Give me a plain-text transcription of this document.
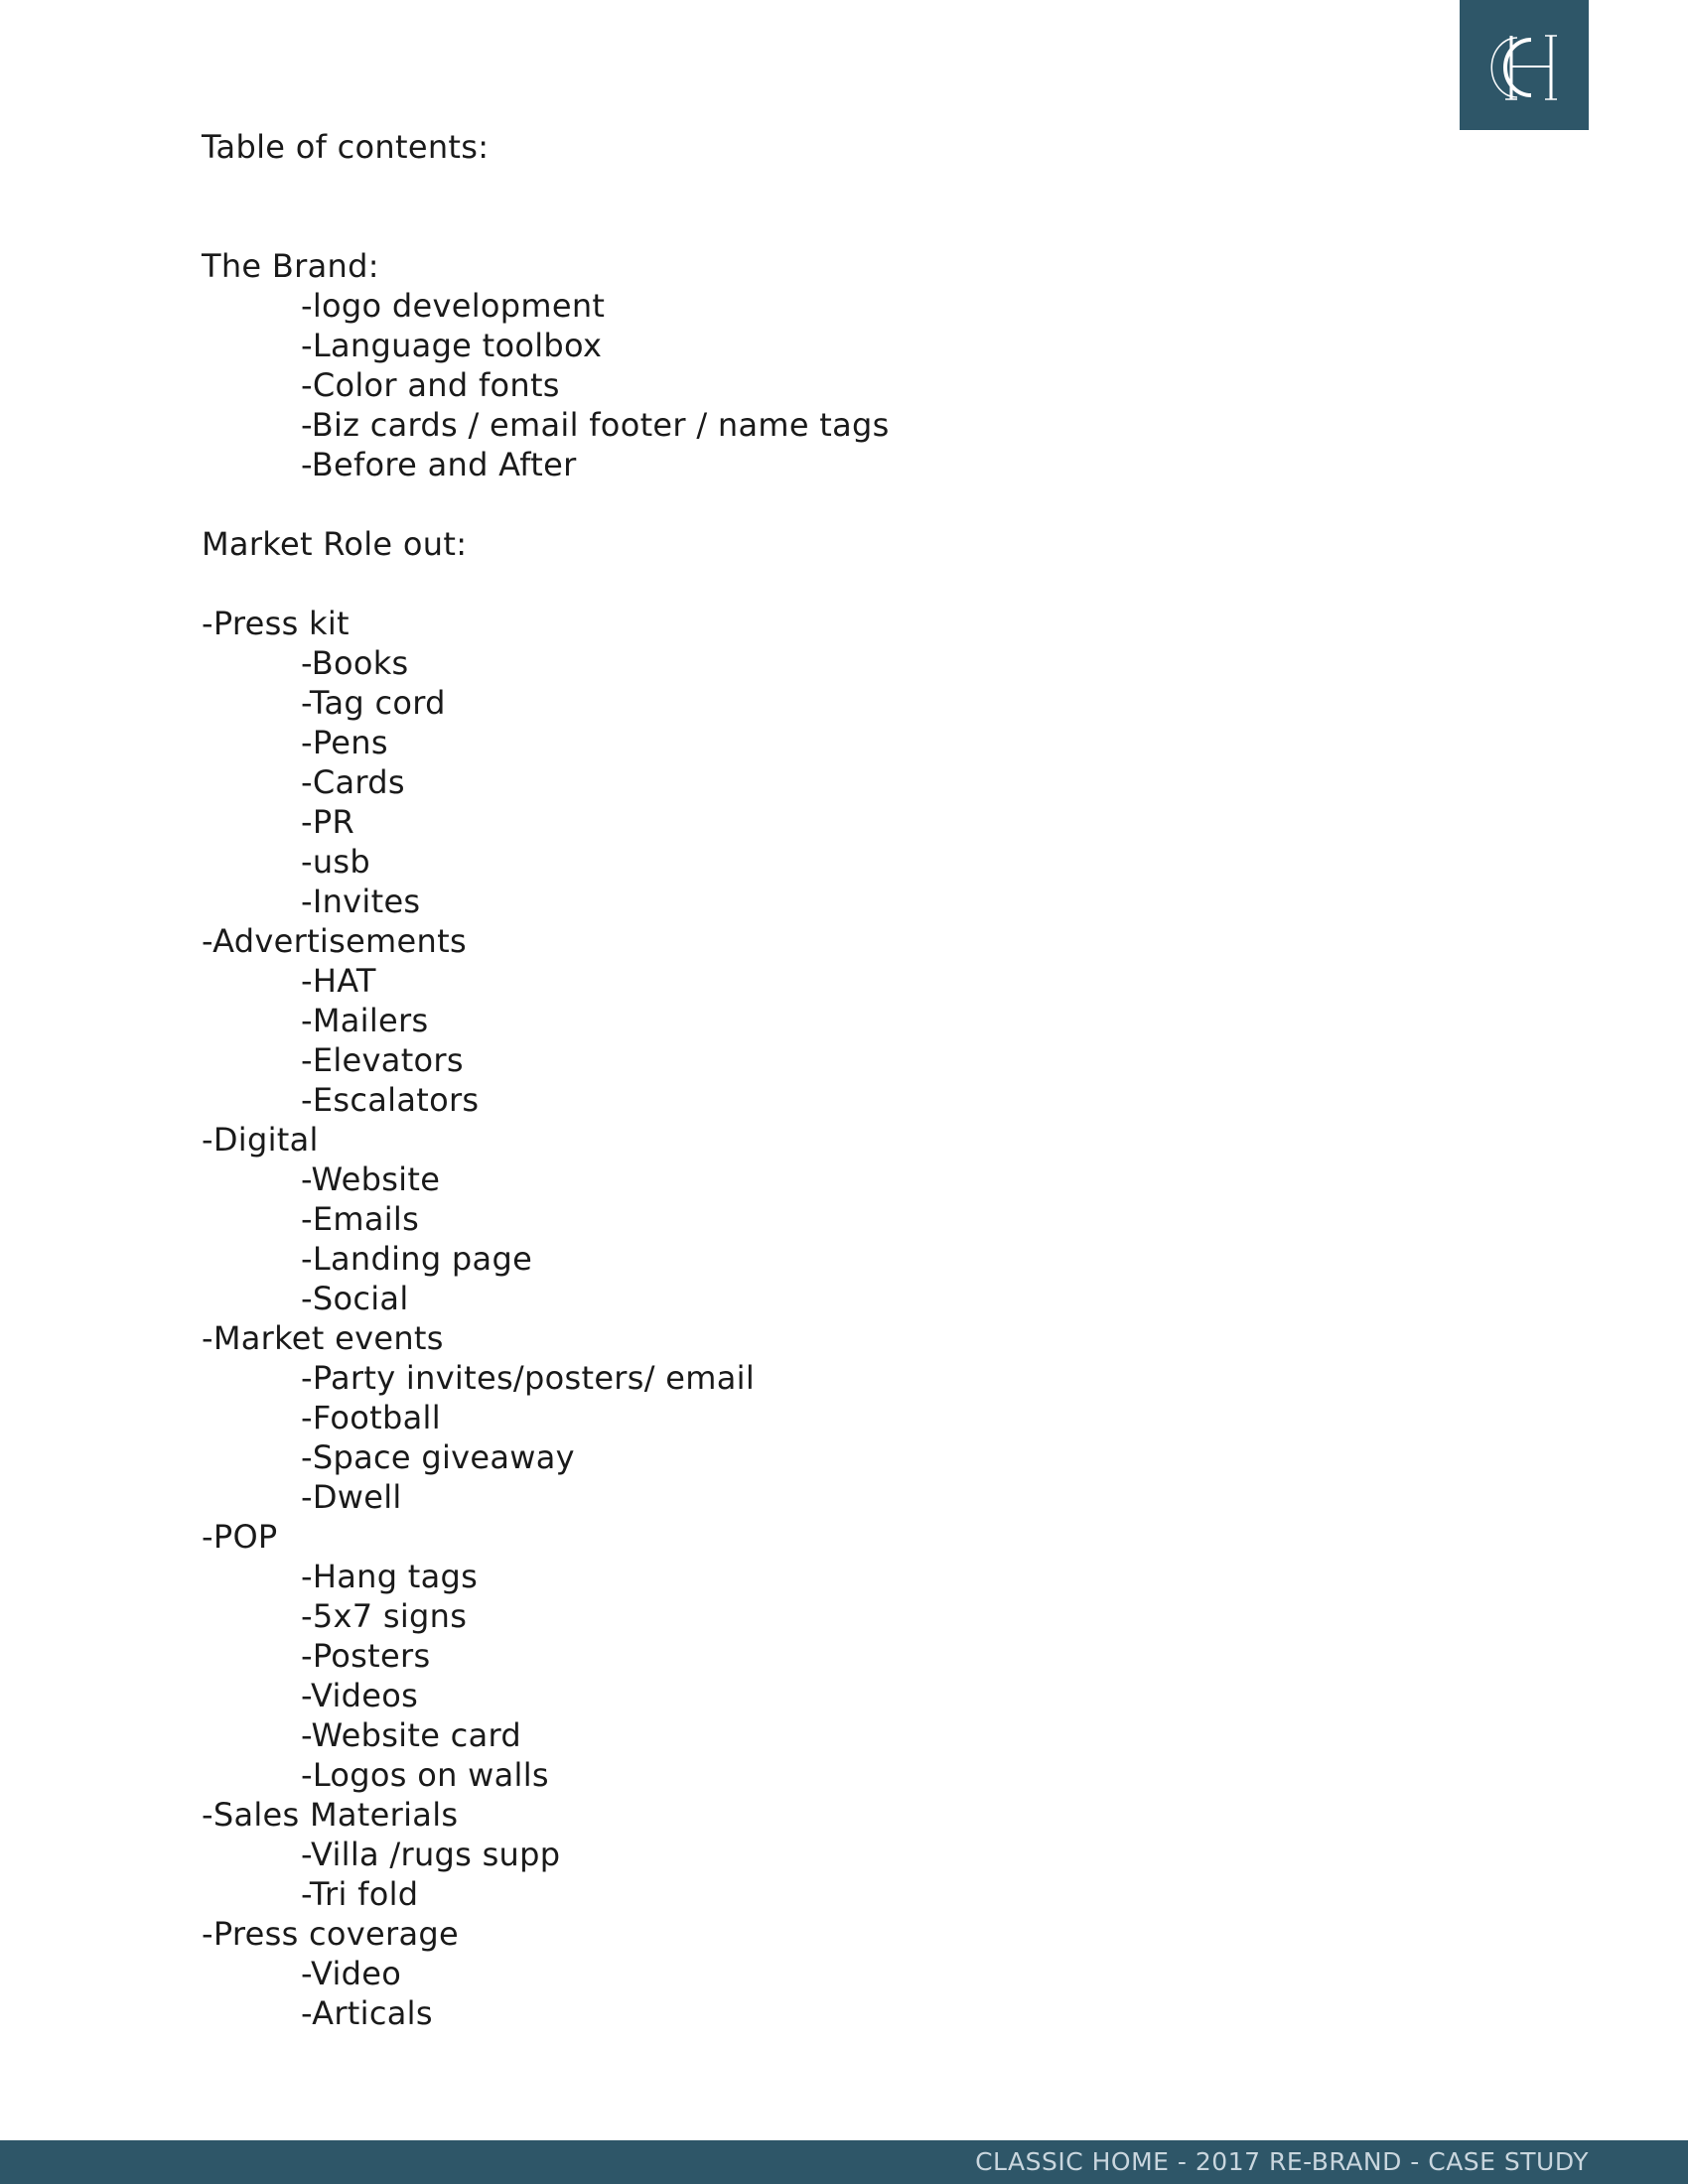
Table of contents:
The Brand:
-logo development
-Language toolbox
-Color and fonts
-Biz cards / email footer / name tags
-Before and After
Market Role out:
-Press kit
-Books
-Tag cord
-Pens
-Cards
-PR
-usb
-Invites
-Advertisements
-HAT
-Mailers
-Elevators
-Escalators
-Digital
-Website
-Emails
-Landing page
-Social
-Market events
-Party invites/posters/ email
-Football
-Space giveaway
-Dwell
-POP
-Hang tags
-5x7 signs
-Posters
-Videos
-Website card
-Logos on walls
-Sales Materials
-Villa /rugs supp
-Tri fold
-Press coverage
-Video
-Articals
CLASSIC HOME - 2017 RE-BRAND - CASE STUDY
